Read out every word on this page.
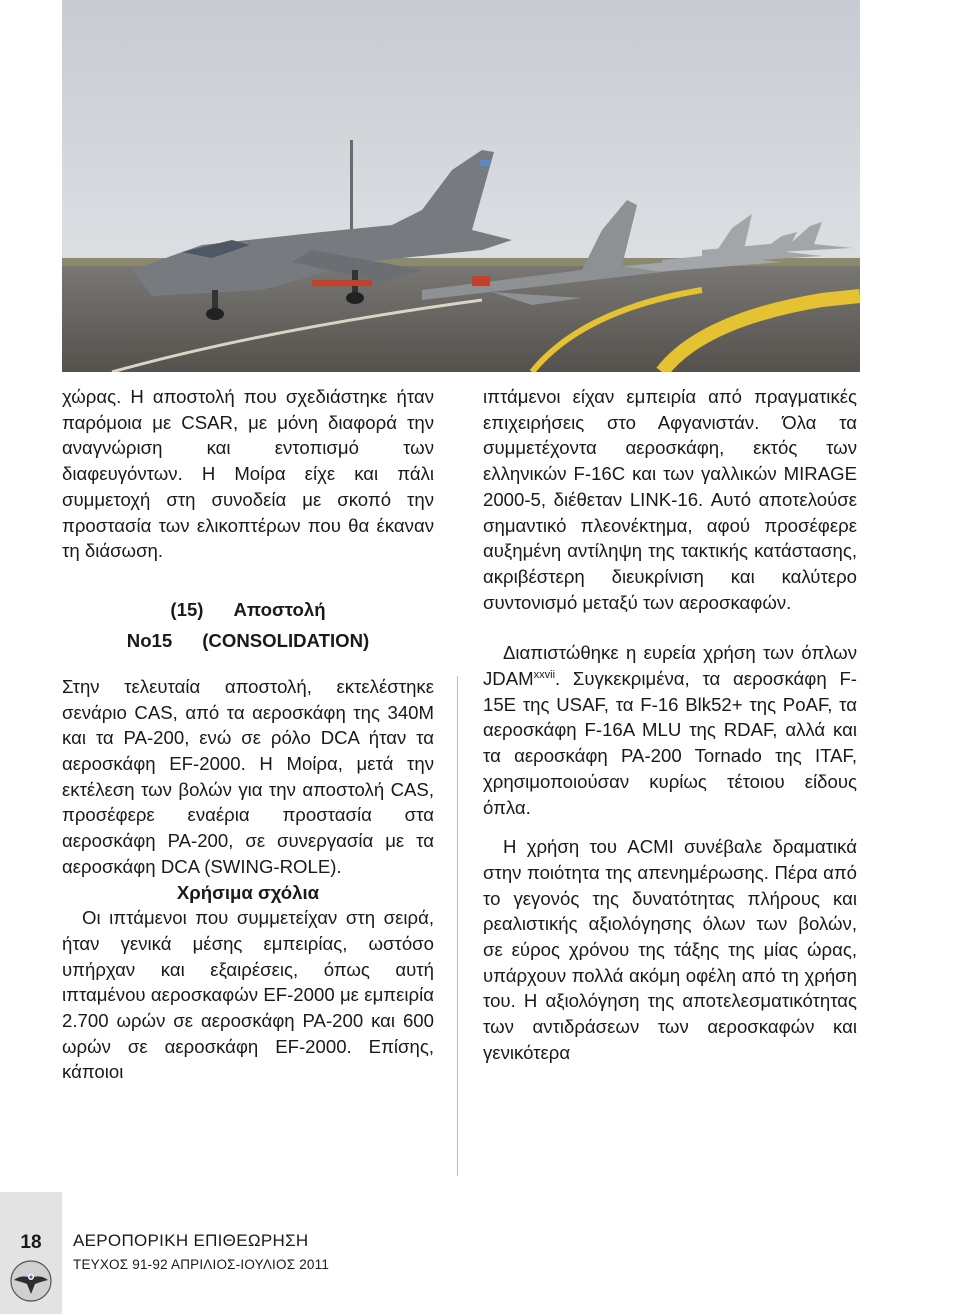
χώρας. Η αποστολή που σχεδιάστηκε ήταν παρόμοια με CSAR, με μόνη διαφορά την αναγνώριση και εντοπισμό των διαφευγόντων. Η Μοίρα είχε και πάλι συμμετοχή στη συνοδεία με σκοπό την προστασία των ελικοπτέρων που θα έκαναν τη διάσωση.

(15) Αποστολή
Νο15 (CONSOLIDATION)

Στην τελευταία αποστολή, εκτελέστηκε σενάριο CAS, από τα αεροσκάφη της 340Μ και τα ΡΑ-200, ενώ σε ρόλο DCA ήταν τα αεροσκάφη EF-2000. Η Μοίρα, μετά την εκτέλεση των βολών για την αποστολή CAS, προσέφερε εναέρια προστασία στα αεροσκάφη ΡΑ-200, σε συνεργασία με τα αεροσκάφη DCA (SWING-ROLE).

Χρήσιμα σχόλια

Οι ιπτάμενοι που συμμετείχαν στη σειρά, ήταν γενικά μέσης εμπειρίας, ωστόσο υπήρχαν και εξαιρέσεις, όπως αυτή ιπταμένου αεροσκαφών EF-2000 με εμπειρία 2.700 ωρών σε αεροσκάφη ΡΑ-200 και 600 ωρών σε αεροσκάφη EF-2000. Επίσης, κάποιοι

ιπτάμενοι είχαν εμπειρία από πραγματικές επιχειρήσεις στο Αφγανιστάν. Όλα τα συμμετέχοντα αεροσκάφη, εκτός των ελληνικών F-16C και των γαλλικών MIRAGE 2000-5, διέθεταν LINK-16. Αυτό αποτελούσε σημαντικό πλεονέκτημα, αφού προσέφερε αυξημένη αντίληψη της τακτικής κατάστασης, ακριβέστερη διευκρίνιση και καλύτερο συντονισμό μεταξύ των αεροσκαφών.

Διαπιστώθηκε η ευρεία χρήση των όπλων $JDAM^{xxvii}$. Συγκεκριμένα, τα αεροσκάφη F-15E της USAF, τα F-16 Blk52+ της PoAF, τα αεροσκάφη F-16A MLU της RDAF, αλλά και τα αεροσκάφη PA-200 Tornado της ITAF, χρησιμοποιούσαν κυρίως τέτοιου είδους όπλα.

Η χρήση του ACMI συνέβαλε δραματικά στην ποιότητα της απενημέρωσης. Πέρα από το γεγονός της δυνατότητας πλήρους και ρεαλιστικής αξιολόγησης όλων των βολών, σε εύρος χρόνου της τάξης της μίας ώρας, υπάρχουν πολλά ακόμη οφέλη από τη χρήση του. Η αξιολόγηση της αποτελεσματικότητας των αντιδράσεων των αεροσκαφών και γενικότερα

18	ΑΕΡΟΠΟΡΙΚΗ ΕΠΙΘΕΩΡΗΣΗ
ΤΕΥΧΟΣ 91-92 ΑΠΡΙΛΙΟΣ-ΙΟΥΛΙΟΣ 2011
